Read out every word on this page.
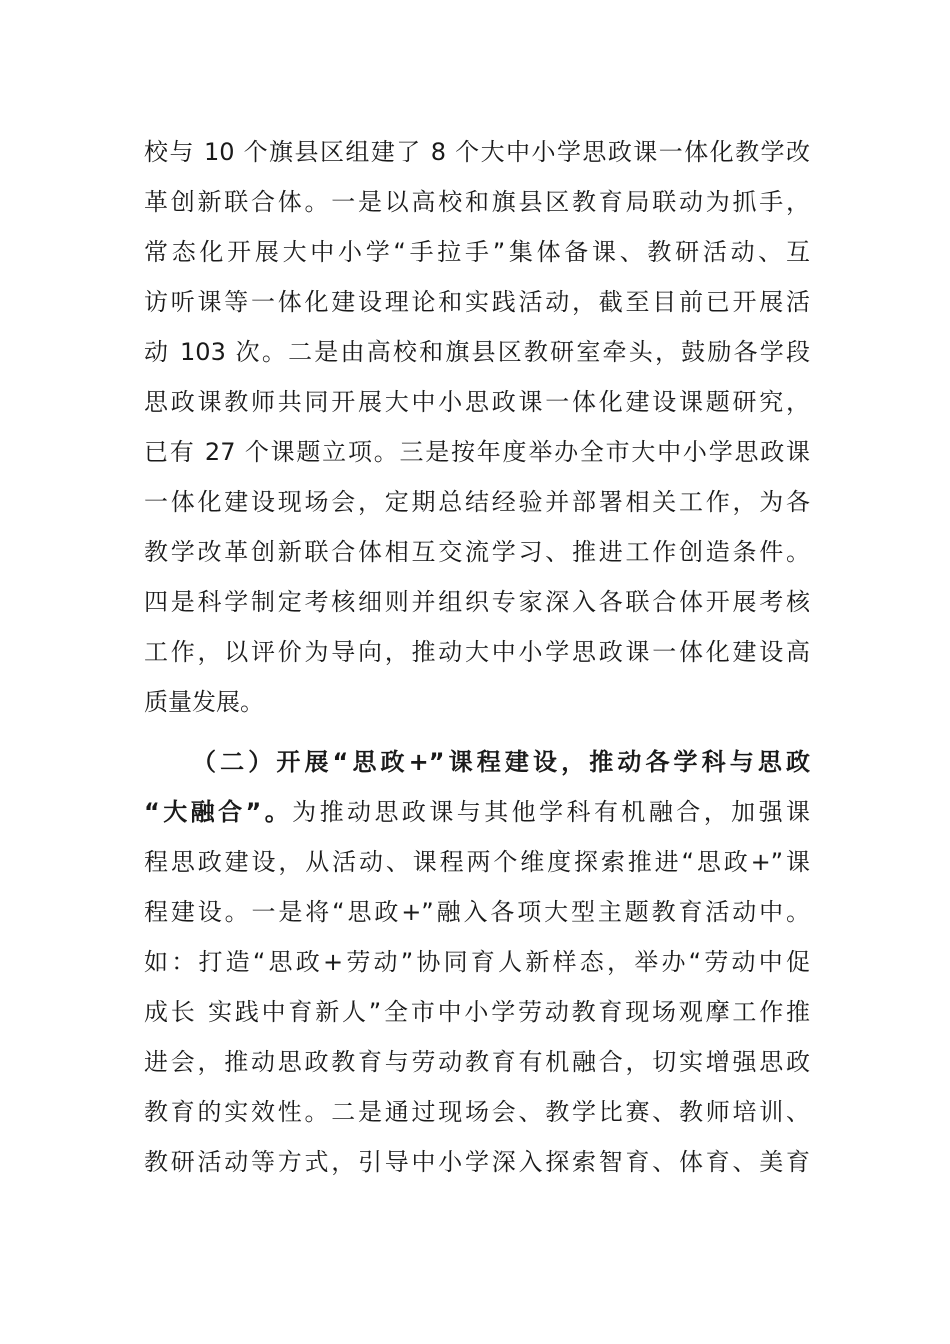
校与 10 个旗县区组建了 8 个大中小学思政课一体化教学改
革创新联合体。一是以高校和旗县区教育局联动为抓手，
常态化开展大中小学“手拉手”集体备课、教研活动、互
访听课等一体化建设理论和实践活动，截至目前已开展活
动 103 次。二是由高校和旗县区教研室牵头，鼓励各学段
思政课教师共同开展大中小思政课一体化建设课题研究，
已有 27 个课题立项。三是按年度举办全市大中小学思政课
一体化建设现场会，定期总结经验并部署相关工作，为各
教学改革创新联合体相互交流学习、推进工作创造条件。
四是科学制定考核细则并组织专家深入各联合体开展考核
工作，以评价为导向，推动大中小学思政课一体化建设高
质量发展。
（二）开展“思政+”课程建设，推动各学科与思政
“大融合”。为推动思政课与其他学科有机融合，加强课
程思政建设，从活动、课程两个维度探索推进“思政+”课
程建设。一是将“思政+”融入各项大型主题教育活动中。
如：打造“思政+劳动”协同育人新样态，举办“劳动中促
成长 实践中育新人”全市中小学劳动教育现场观摩工作推
进会，推动思政教育与劳动教育有机融合，切实增强思政
教育的实效性。二是通过现场会、教学比赛、教师培训、
教研活动等方式，引导中小学深入探索智育、体育、美育
